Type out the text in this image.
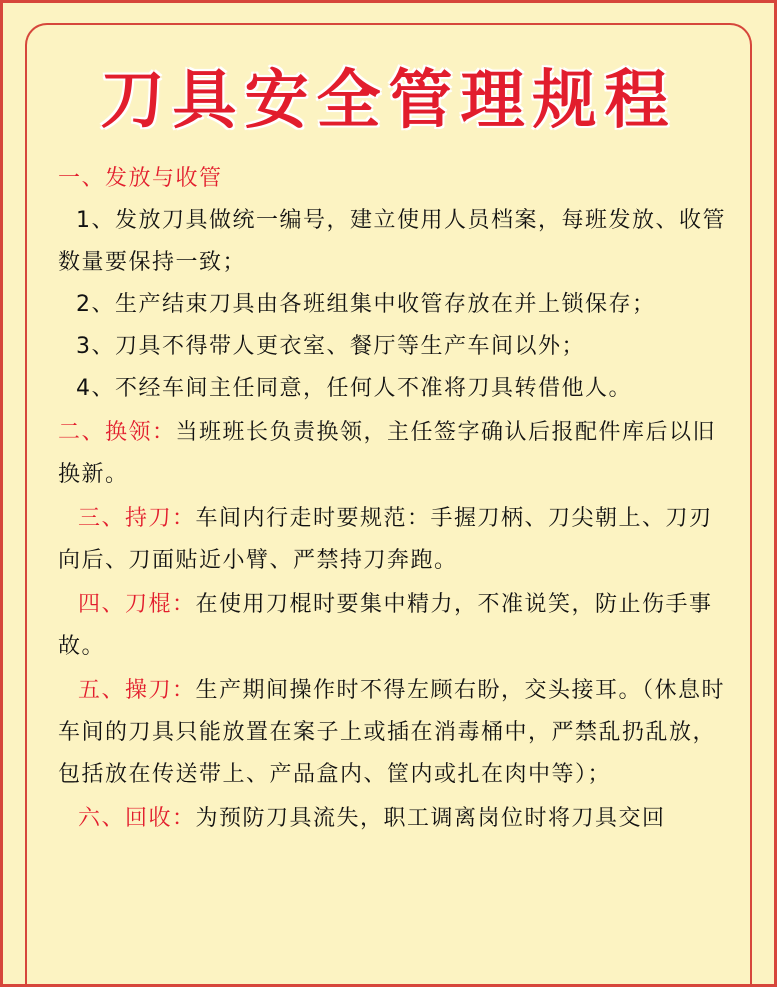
刀具安全管理规程

一、发放与收管

1、发放刀具做统一编号，建立使用人员档案，每班发放、收管数量要保持一致；

2、生产结束刀具由各班组集中收管存放在并上锁保存；

3、刀具不得带人更衣室、餐厅等生产车间以外；

4、不经车间主任同意，任何人不准将刀具转借他人。

二、换领：当班班长负责换领，主任签字确认后报配件库后以旧换新。

三、持刀：车间内行走时要规范：手握刀柄、刀尖朝上、刀刃向后、刀面贴近小臂、严禁持刀奔跑。

四、刀棍：在使用刀棍时要集中精力，不准说笑，防止伤手事故。

五、操刀：生产期间操作时不得左顾右盼，交头接耳。（休息时车间的刀具只能放置在案子上或插在消毒桶中，严禁乱扔乱放，包括放在传送带上、产品盒内、筐内或扎在肉中等）；

六、回收：为预防刀具流失，职工调离岗位时将刀具交回
